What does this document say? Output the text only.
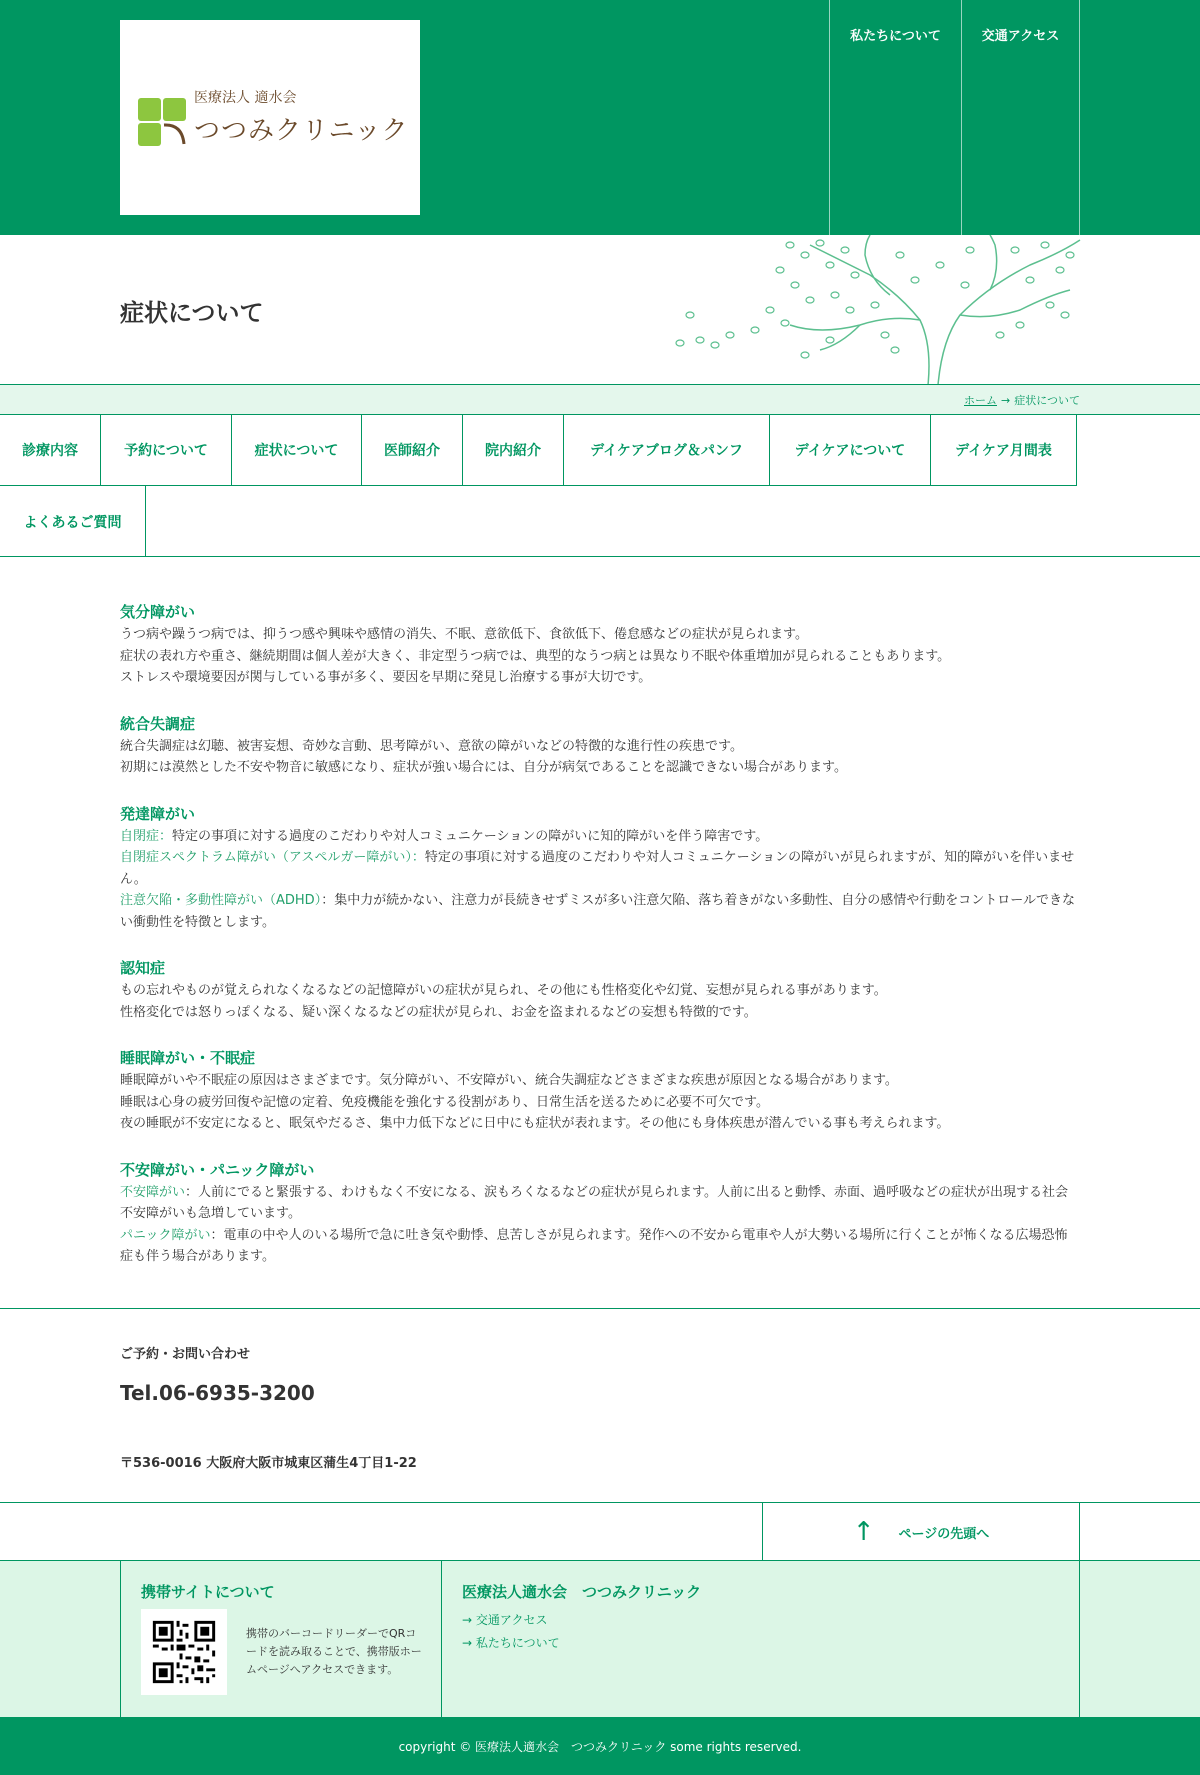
医療法人 適水会
つつみクリニック
私たちについて	交通アクセス
症状について
ホーム → 症状について
診療内容	予約について	症状について	医師紹介	院内紹介	デイケアブログ＆パンフ	デイケアについて	デイケア月間表
よくあるご質問
気分障がい

うつ病や躁うつ病では、抑うつ感や興味や感情の消失、不眠、意欲低下、食欲低下、倦怠感などの症状が見られます。

症状の表れ方や重さ、継続期間は個人差が大きく、非定型うつ病では、典型的なうつ病とは異なり不眠や体重増加が見られることもあります。

ストレスや環境要因が関与している事が多く、要因を早期に発見し治療する事が大切です。

統合失調症

統合失調症は幻聴、被害妄想、奇妙な言動、思考障がい、意欲の障がいなどの特徴的な進行性の疾患です。

初期には漠然とした不安や物音に敏感になり、症状が強い場合には、自分が病気であることを認識できない場合があります。

発達障がい

自閉症：特定の事項に対する過度のこだわりや対人コミュニケーションの障がいに知的障がいを伴う障害です。

自閉症スペクトラム障がい（アスペルガー障がい）：特定の事項に対する過度のこだわりや対人コミュニケーションの障がいが見られますが、知的障がいを伴いません。

注意欠陥・多動性障がい（ADHD）：集中力が続かない、注意力が長続きせずミスが多い注意欠陥、落ち着きがない多動性、自分の感情や行動をコントロールできない衝動性を特徴とします。

認知症

もの忘れやものが覚えられなくなるなどの記憶障がいの症状が見られ、その他にも性格変化や幻覚、妄想が見られる事があります。

性格変化では怒りっぽくなる、疑い深くなるなどの症状が見られ、お金を盗まれるなどの妄想も特徴的です。

睡眠障がい・不眠症

睡眠障がいや不眠症の原因はさまざまです。気分障がい、不安障がい、統合失調症などさまざまな疾患が原因となる場合があります。

睡眠は心身の疲労回復や記憶の定着、免疫機能を強化する役割があり、日常生活を送るために必要不可欠です。

夜の睡眠が不安定になると、眠気やだるさ、集中力低下などに日中にも症状が表れます。その他にも身体疾患が潜んでいる事も考えられます。

不安障がい・パニック障がい

不安障がい：人前にでると緊張する、わけもなく不安になる、涙もろくなるなどの症状が見られます。人前に出ると動悸、赤面、過呼吸などの症状が出現する社会不安障がいも急増しています。

パニック障がい：電車の中や人のいる場所で急に吐き気や動悸、息苦しさが見られます。発作への不安から電車や人が大勢いる場所に行くことが怖くなる広場恐怖症も伴う場合があります。

ご予約・お問い合わせ
Tel.06-6935-3200
〒536-0016 大阪府大阪市城東区蒲生4丁目1-22
↑ ページの先頭へ
携帯サイトについて
携帯のバーコードリーダーでQRコードを読み取ることで、携帯版ホームページへアクセスできます。
医療法人適水会　つつみクリニック
→ 交通アクセス
→ 私たちについて
copyright © 医療法人適水会　つつみクリニック some rights reserved.
